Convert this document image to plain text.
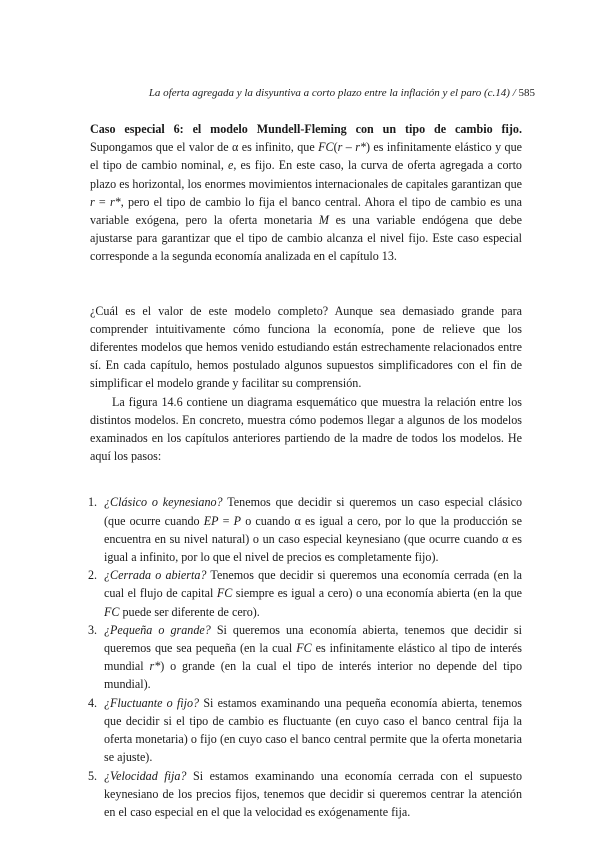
La oferta agregada y la disyuntiva a corto plazo entre la inflación y el paro (c.14) / 585

Caso especial 6: el modelo Mundell-Fleming con un tipo de cambio fijo. Supongamos que el valor de α es infinito, que FC(r – r*) es infinitamente elástico y que el tipo de cambio nominal, e, es fijo. En este caso, la curva de oferta agregada a corto plazo es horizontal, los enormes movimientos internacionales de capitales garantizan que r = r*, pero el tipo de cambio lo fija el banco central. Ahora el tipo de cambio es una variable exógena, pero la oferta monetaria M es una variable endógena que debe ajustarse para garantizar que el tipo de cambio alcanza el nivel fijo. Este caso especial corresponde a la segunda economía analizada en el capítulo 13.

¿Cuál es el valor de este modelo completo? Aunque sea demasiado grande para comprender intuitivamente cómo funciona la economía, pone de relieve que los diferentes modelos que hemos venido estudiando están estrechamente relacionados entre sí. En cada capítulo, hemos postulado algunos supuestos simplificadores con el fin de simplificar el modelo grande y facilitar su comprensión.

La figura 14.6 contiene un diagrama esquemático que muestra la relación entre los distintos modelos. En concreto, muestra cómo podemos llegar a algunos de los modelos examinados en los capítulos anteriores partiendo de la madre de todos los modelos. He aquí los pasos:

1. ¿Clásico o keynesiano? Tenemos que decidir si queremos un caso especial clásico (que ocurre cuando EP = P o cuando α es igual a cero, por lo que la producción se encuentra en su nivel natural) o un caso especial keynesiano (que ocurre cuando α es igual a infinito, por lo que el nivel de precios es completamente fijo).
2. ¿Cerrada o abierta? Tenemos que decidir si queremos una economía cerrada (en la cual el flujo de capital FC siempre es igual a cero) o una economía abierta (en la que FC puede ser diferente de cero).
3. ¿Pequeña o grande? Si queremos una economía abierta, tenemos que decidir si queremos que sea pequeña (en la cual FC es infinitamente elástico al tipo de interés mundial r*) o grande (en la cual el tipo de interés interior no depende del tipo mundial).
4. ¿Fluctuante o fijo? Si estamos examinando una pequeña economía abierta, tenemos que decidir si el tipo de cambio es fluctuante (en cuyo caso el banco central fija la oferta monetaria) o fijo (en cuyo caso el banco central permite que la oferta monetaria se ajuste).
5. ¿Velocidad fija? Si estamos examinando una economía cerrada con el supuesto keynesiano de los precios fijos, tenemos que decidir si queremos centrar la atención en el caso especial en el que la velocidad es exógenamente fija.
